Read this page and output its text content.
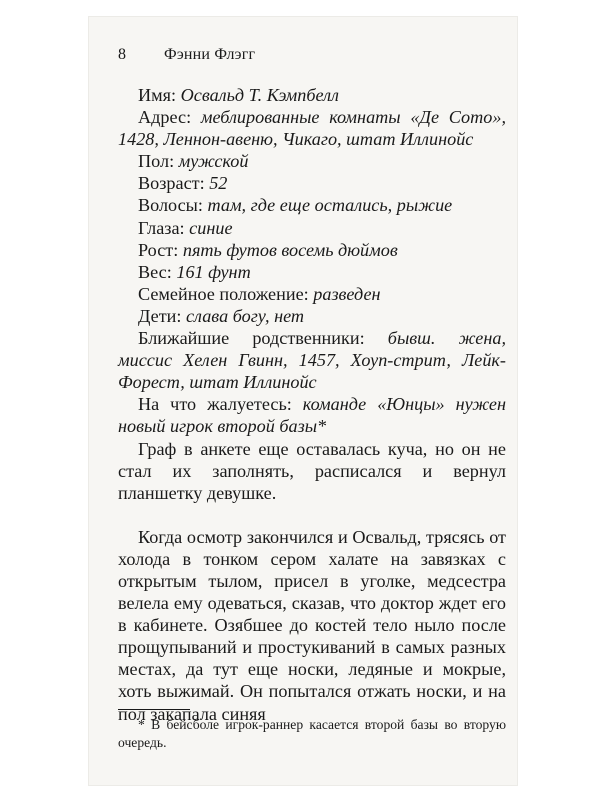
8 Фэнни Флэгг

Имя: Освальд Т. Кэмпбелл

Адрес: меблированные комнаты «Де Сото», 1428, Леннон-авеню, Чикаго, штат Иллинойс

Пол: мужской

Возраст: 52

Волосы: там, где еще остались, рыжие

Глаза: синие

Рост: пять футов восемь дюймов

Вес: 161 фунт

Семейное положение: разведен

Дети: слава богу, нет

Ближайшие родственники: бывш. жена, миссис Хелен Гвинн, 1457, Хоуп-стрит, Лейк-Форест, штат Иллинойс

На что жалуетесь: команде «Юнцы» нужен новый игрок второй базы*

Граф в анкете еще оставалась куча, но он не стал их заполнять, расписался и вернул планшетку девушке.

Когда осмотр закончился и Освальд, трясясь от холода в тонком сером халате на завязках с открытым тылом, присел в уголке, медсестра велела ему одеваться, сказав, что доктор ждет его в кабинете. Озябшее до костей тело ныло после прощупываний и простукиваний в самых разных местах, да тут еще носки, ледяные и мокрые, хоть выжимай. Он попытался отжать носки, и на пол закапала синяя

* В бейсболе игрок-раннер касается второй базы во вторую очередь.
